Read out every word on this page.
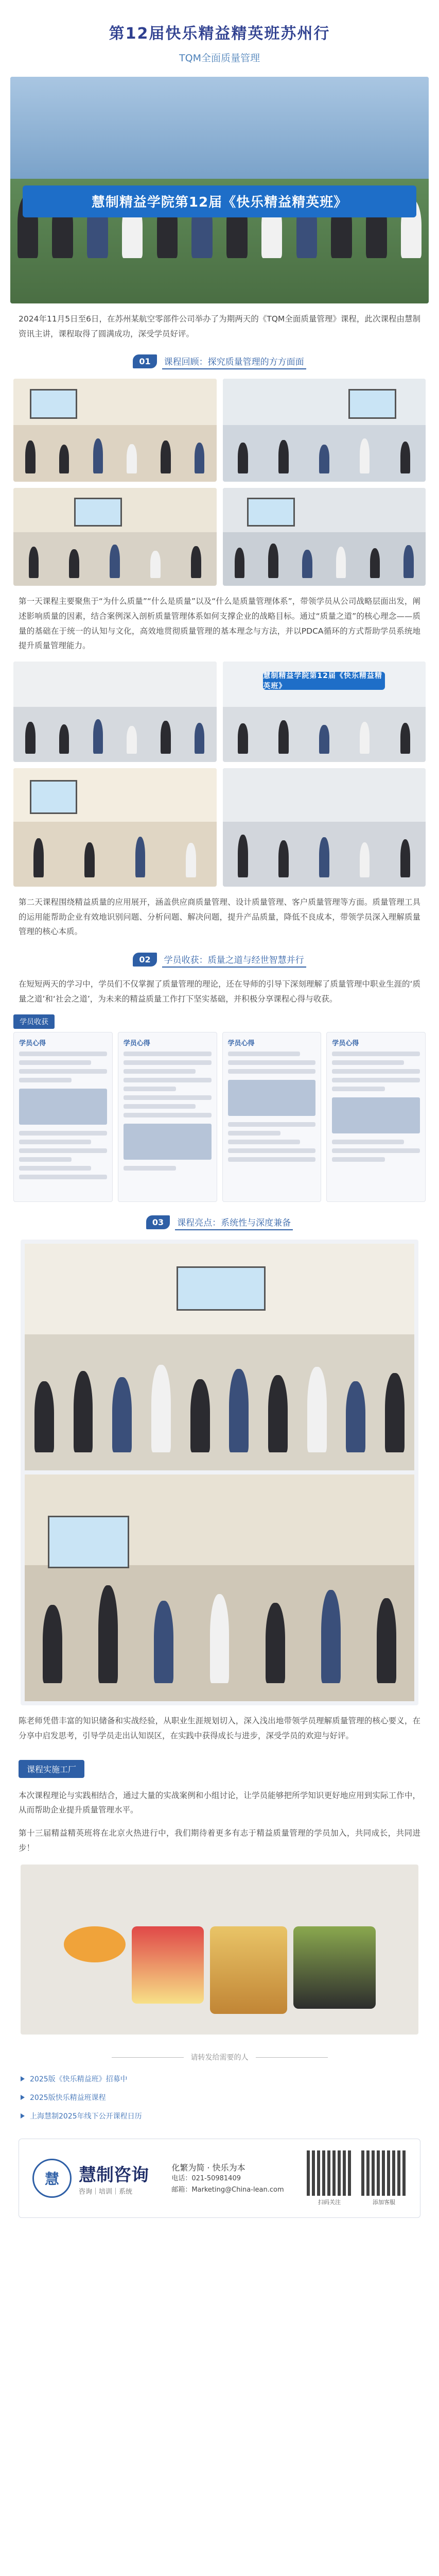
第12届快乐精益精英班苏州行
TQM全面质量管理
慧制精益学院第12届《快乐精益精英班》

2024年11月5日至6日，在苏州某航空零部件公司举办了为期两天的《TQM全面质量管理》课程，此次课程由慧制资讯主讲，课程取得了圆满成功，深受学员好评。

01	课程回顾：探究质量管理的方方面面

第一天课程主要聚焦于“为什么质量”“什么是质量”以及“什么是质量管理体系”，带领学员从公司战略层面出发，阐述影响质量的因素，结合案例深入剖析质量管理体系如何支撑企业的战略目标。通过“质量之道”的核心理念——质量的基础在于统一的认知与文化，高效地贯彻质量管理的基本理念与方法，并以PDCA循环的方式帮助学员系统地提升质量管理能力。

慧制精益学院第12届《快乐精益精英班》

第二天课程围绕精益质量的应用展开，涵盖供应商质量管理、设计质量管理、客户质量管理等方面。质量管理工具的运用能帮助企业有效地识别问题、分析问题、解决问题，提升产品质量，降低不良成本，带领学员深入理解质量管理的核心本质。

02	学员收获：质量之道与经世智慧并行

在短短两天的学习中，学员们不仅掌握了质量管理的理论，还在导师的引导下深刻理解了质量管理中职业生涯的‘质量之道’和‘社会之道’，为未来的精益质量工作打下坚实基础，并积极分享课程心得与收获。

学员收获
学员心得	学员心得	学员心得	学员心得
03	课程亮点：系统性与深度兼备

陈老师凭借丰富的知识储备和实战经验，从职业生涯规划切入，深入浅出地带领学员理解质量管理的核心要义，在分享中启发思考，引导学员走出认知误区，在实践中获得成长与进步，深受学员的欢迎与好评。

课程实施工厂

本次课程理论与实践相结合，通过大量的实战案例和小组讨论，让学员能够把所学知识更好地应用到实际工作中，从而帮助企业提升质量管理水平。

第十三届精益精英班将在北京火热进行中，我们期待着更多有志于精益质量管理的学员加入，共同成长，共同进步！

请转发给需要的人
2025版《快乐精益班》招募中
2025版快乐精益班课程
上海慧制2025年线下公开课程日历
慧 慧制咨询
咨询｜培训｜系统
化繁为简 · 快乐为本
电话：021-50981409
邮箱：Marketing@China-lean.com
扫码关注	添加客服
